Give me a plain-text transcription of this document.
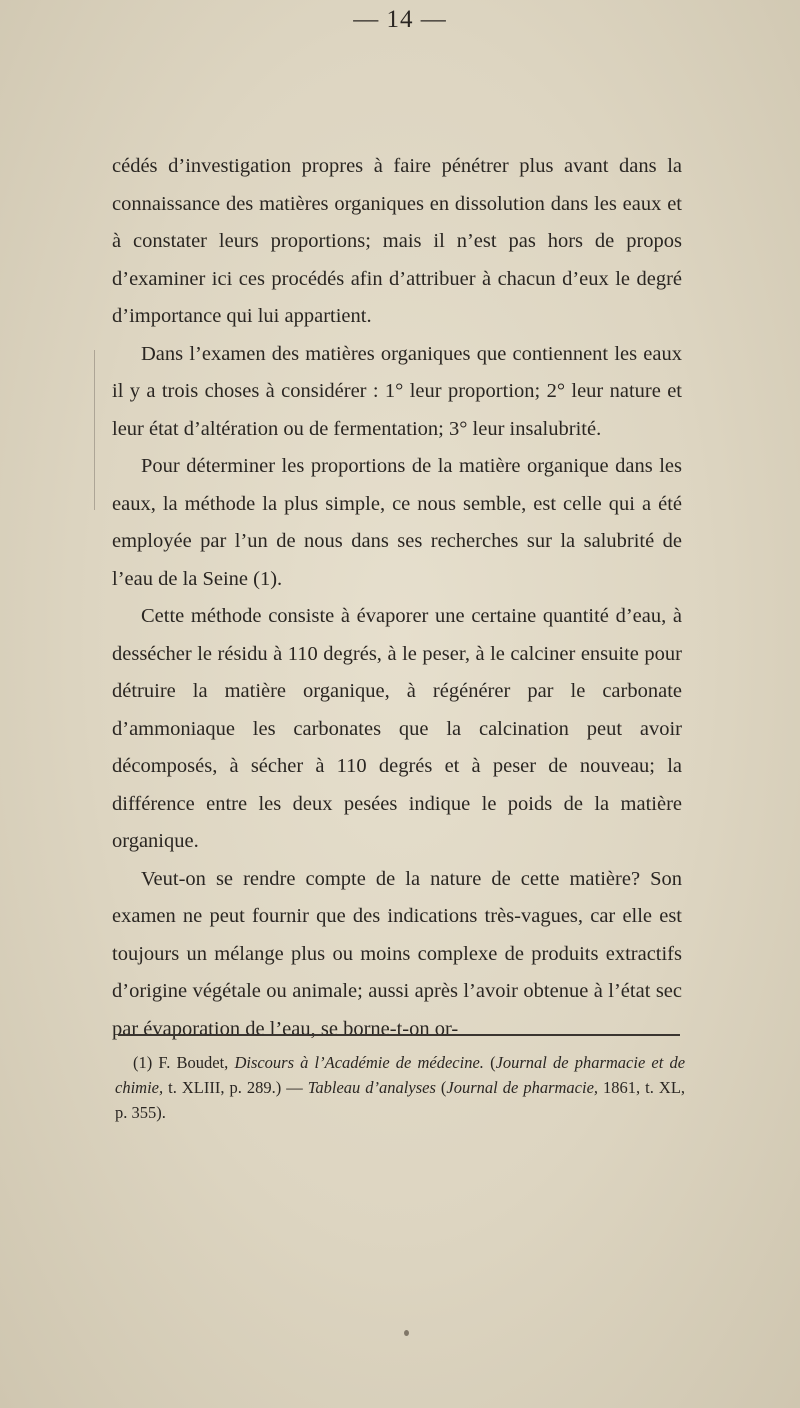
— 14 —

cédés d’investigation propres à faire pénétrer plus avant dans la connaissance des matières organiques en dissolution dans les eaux et à constater leurs proportions; mais il n’est pas hors de propos d’examiner ici ces procédés afin d’attribuer à chacun d’eux le degré d’importance qui lui appartient.

Dans l’examen des matières organiques que contiennent les eaux il y a trois choses à considérer : 1° leur proportion; 2° leur nature et leur état d’altération ou de fermentation; 3° leur insalubrité.

Pour déterminer les proportions de la matière organique dans les eaux, la méthode la plus simple, ce nous semble, est celle qui a été employée par l’un de nous dans ses recherches sur la salubrité de l’eau de la Seine (1).

Cette méthode consiste à évaporer une certaine quantité d’eau, à dessécher le résidu à 110 degrés, à le peser, à le calciner ensuite pour détruire la matière organique, à régénérer par le carbonate d’ammoniaque les carbonates que la calcination peut avoir décomposés, à sécher à 110 degrés et à peser de nouveau; la différence entre les deux pesées indique le poids de la matière organique.

Veut-on se rendre compte de la nature de cette matière? Son examen ne peut fournir que des indications très-vagues, car elle est toujours un mélange plus ou moins complexe de produits extractifs d’origine végétale ou animale; aussi après l’avoir obtenue à l’état sec par évaporation de l’eau, se borne-t-on or-

(1) F. Boudet, Discours à l’Académie de médecine. (Journal de pharmacie et de chimie, t. XLIII, p. 289.) — Tableau d’analyses (Journal de pharmacie, 1861, t. XL, p. 355).
